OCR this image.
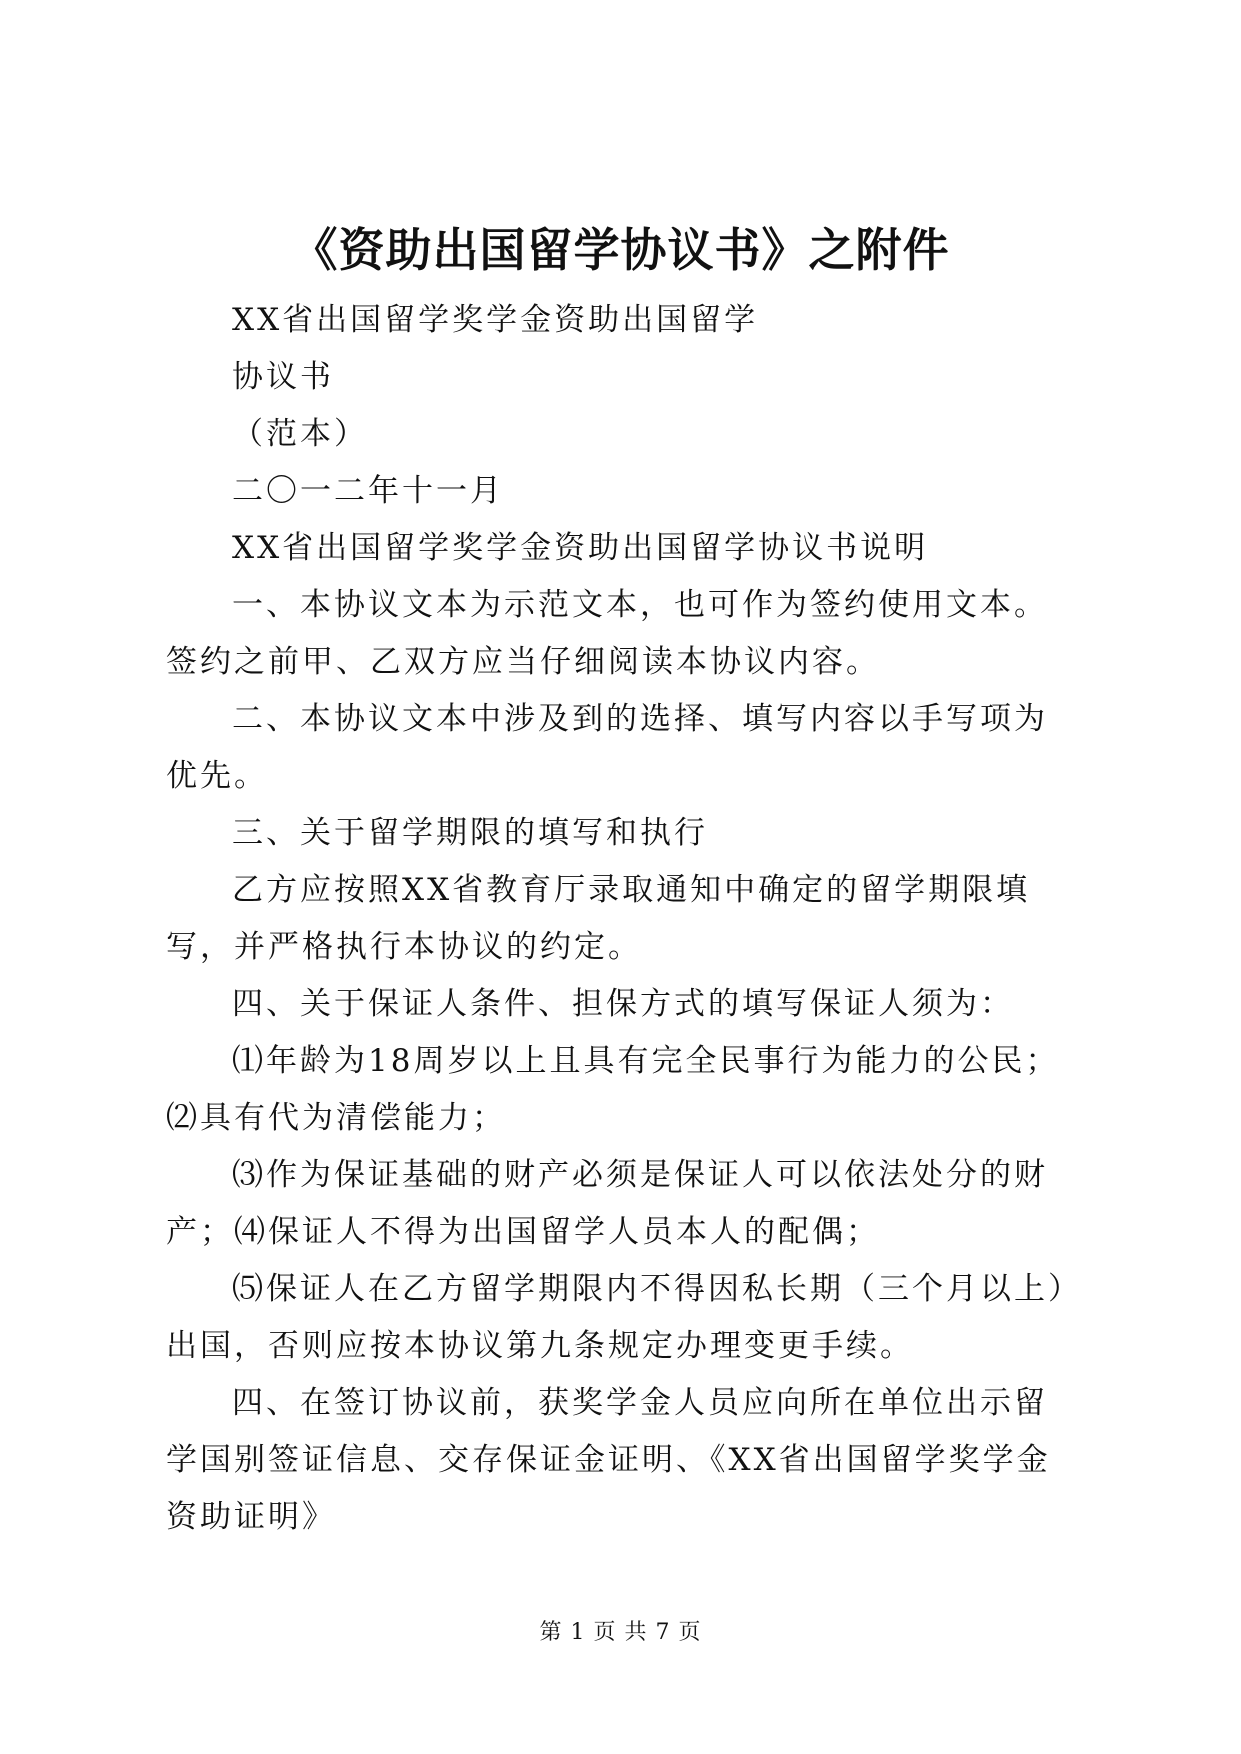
《资助出国留学协议书》之附件

XX省出国留学奖学金资助出国留学

协议书

（范本）

二〇一二年十一月

XX省出国留学奖学金资助出国留学协议书说明

一、本协议文本为示范文本，也可作为签约使用文本。签约之前甲、乙双方应当仔细阅读本协议内容。

二、本协议文本中涉及到的选择、填写内容以手写项为优先。

三、关于留学期限的填写和执行

乙方应按照XX省教育厅录取通知中确定的留学期限填写，并严格执行本协议的约定。

四、关于保证人条件、担保方式的填写保证人须为：

⑴年龄为18周岁以上且具有完全民事行为能力的公民；⑵具有代为清偿能力；

⑶作为保证基础的财产必须是保证人可以依法处分的财产；⑷保证人不得为出国留学人员本人的配偶；

⑸保证人在乙方留学期限内不得因私长期（三个月以上）出国，否则应按本协议第九条规定办理变更手续。

四、在签订协议前，获奖学金人员应向所在单位出示留学国别签证信息、交存保证金证明、《XX省出国留学奖学金资助证明》

第 1 页 共 7 页
